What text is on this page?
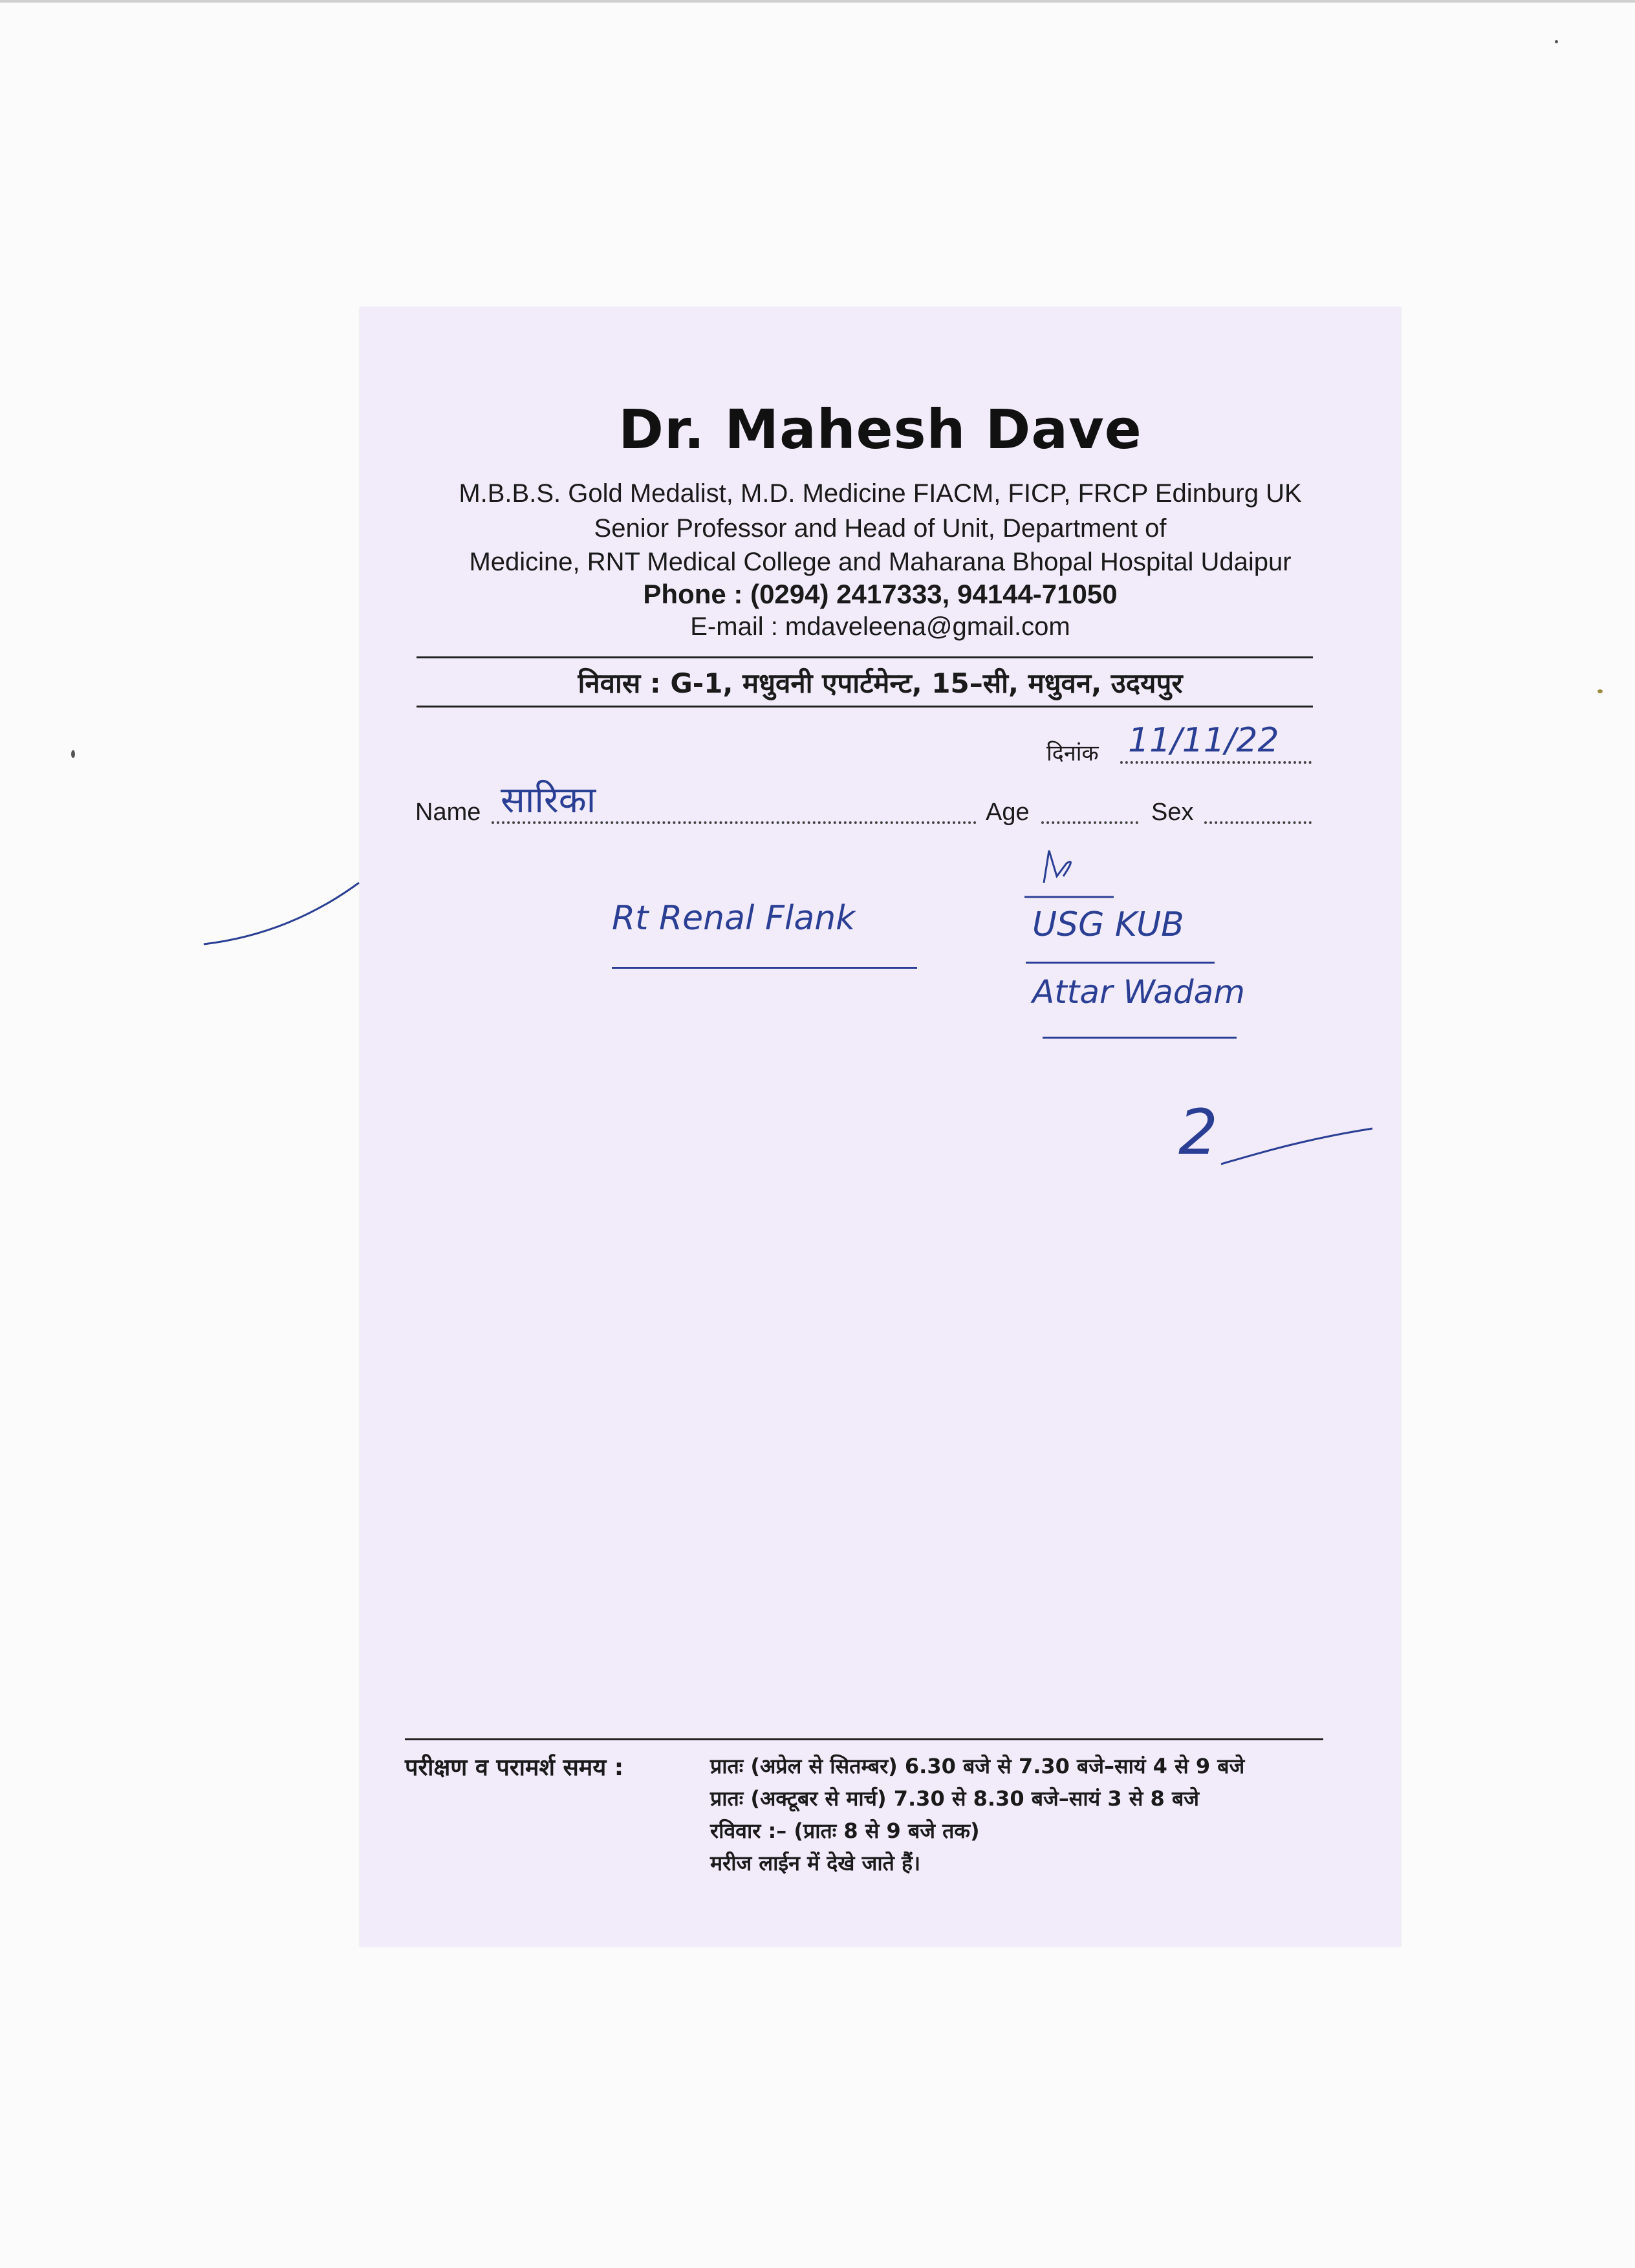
Dr. Mahesh Dave
M.B.B.S. Gold Medalist, M.D. Medicine FIACM, FICP, FRCP Edinburg UK
Senior Professor and Head of Unit, Department of
Medicine, RNT Medical College and Maharana Bhopal Hospital Udaipur
Phone : (0294) 2417333, 94144-71050
E-mail : mdaveleena@gmail.com
निवास : G-1, मधुवनी एपार्टमेन्ट, 15–सी, मधुवन, उदयपुर
दिनांक 11/11/22
Name सारिका	Age	Sex
Rt Renal Flank	USG KUB
Attar Wadam
2
परीक्षण व परामर्श समय :	प्रातः (अप्रेल से सितम्बर) 6.30 बजे से 7.30 बजे–सायं 4 से 9 बजे
प्रातः (अक्टूबर से मार्च) 7.30 से 8.30 बजे–सायं 3 से 8 बजे
रविवार :– (प्रातः 8 से 9 बजे तक)
मरीज लाईन में देखे जाते हैं।
